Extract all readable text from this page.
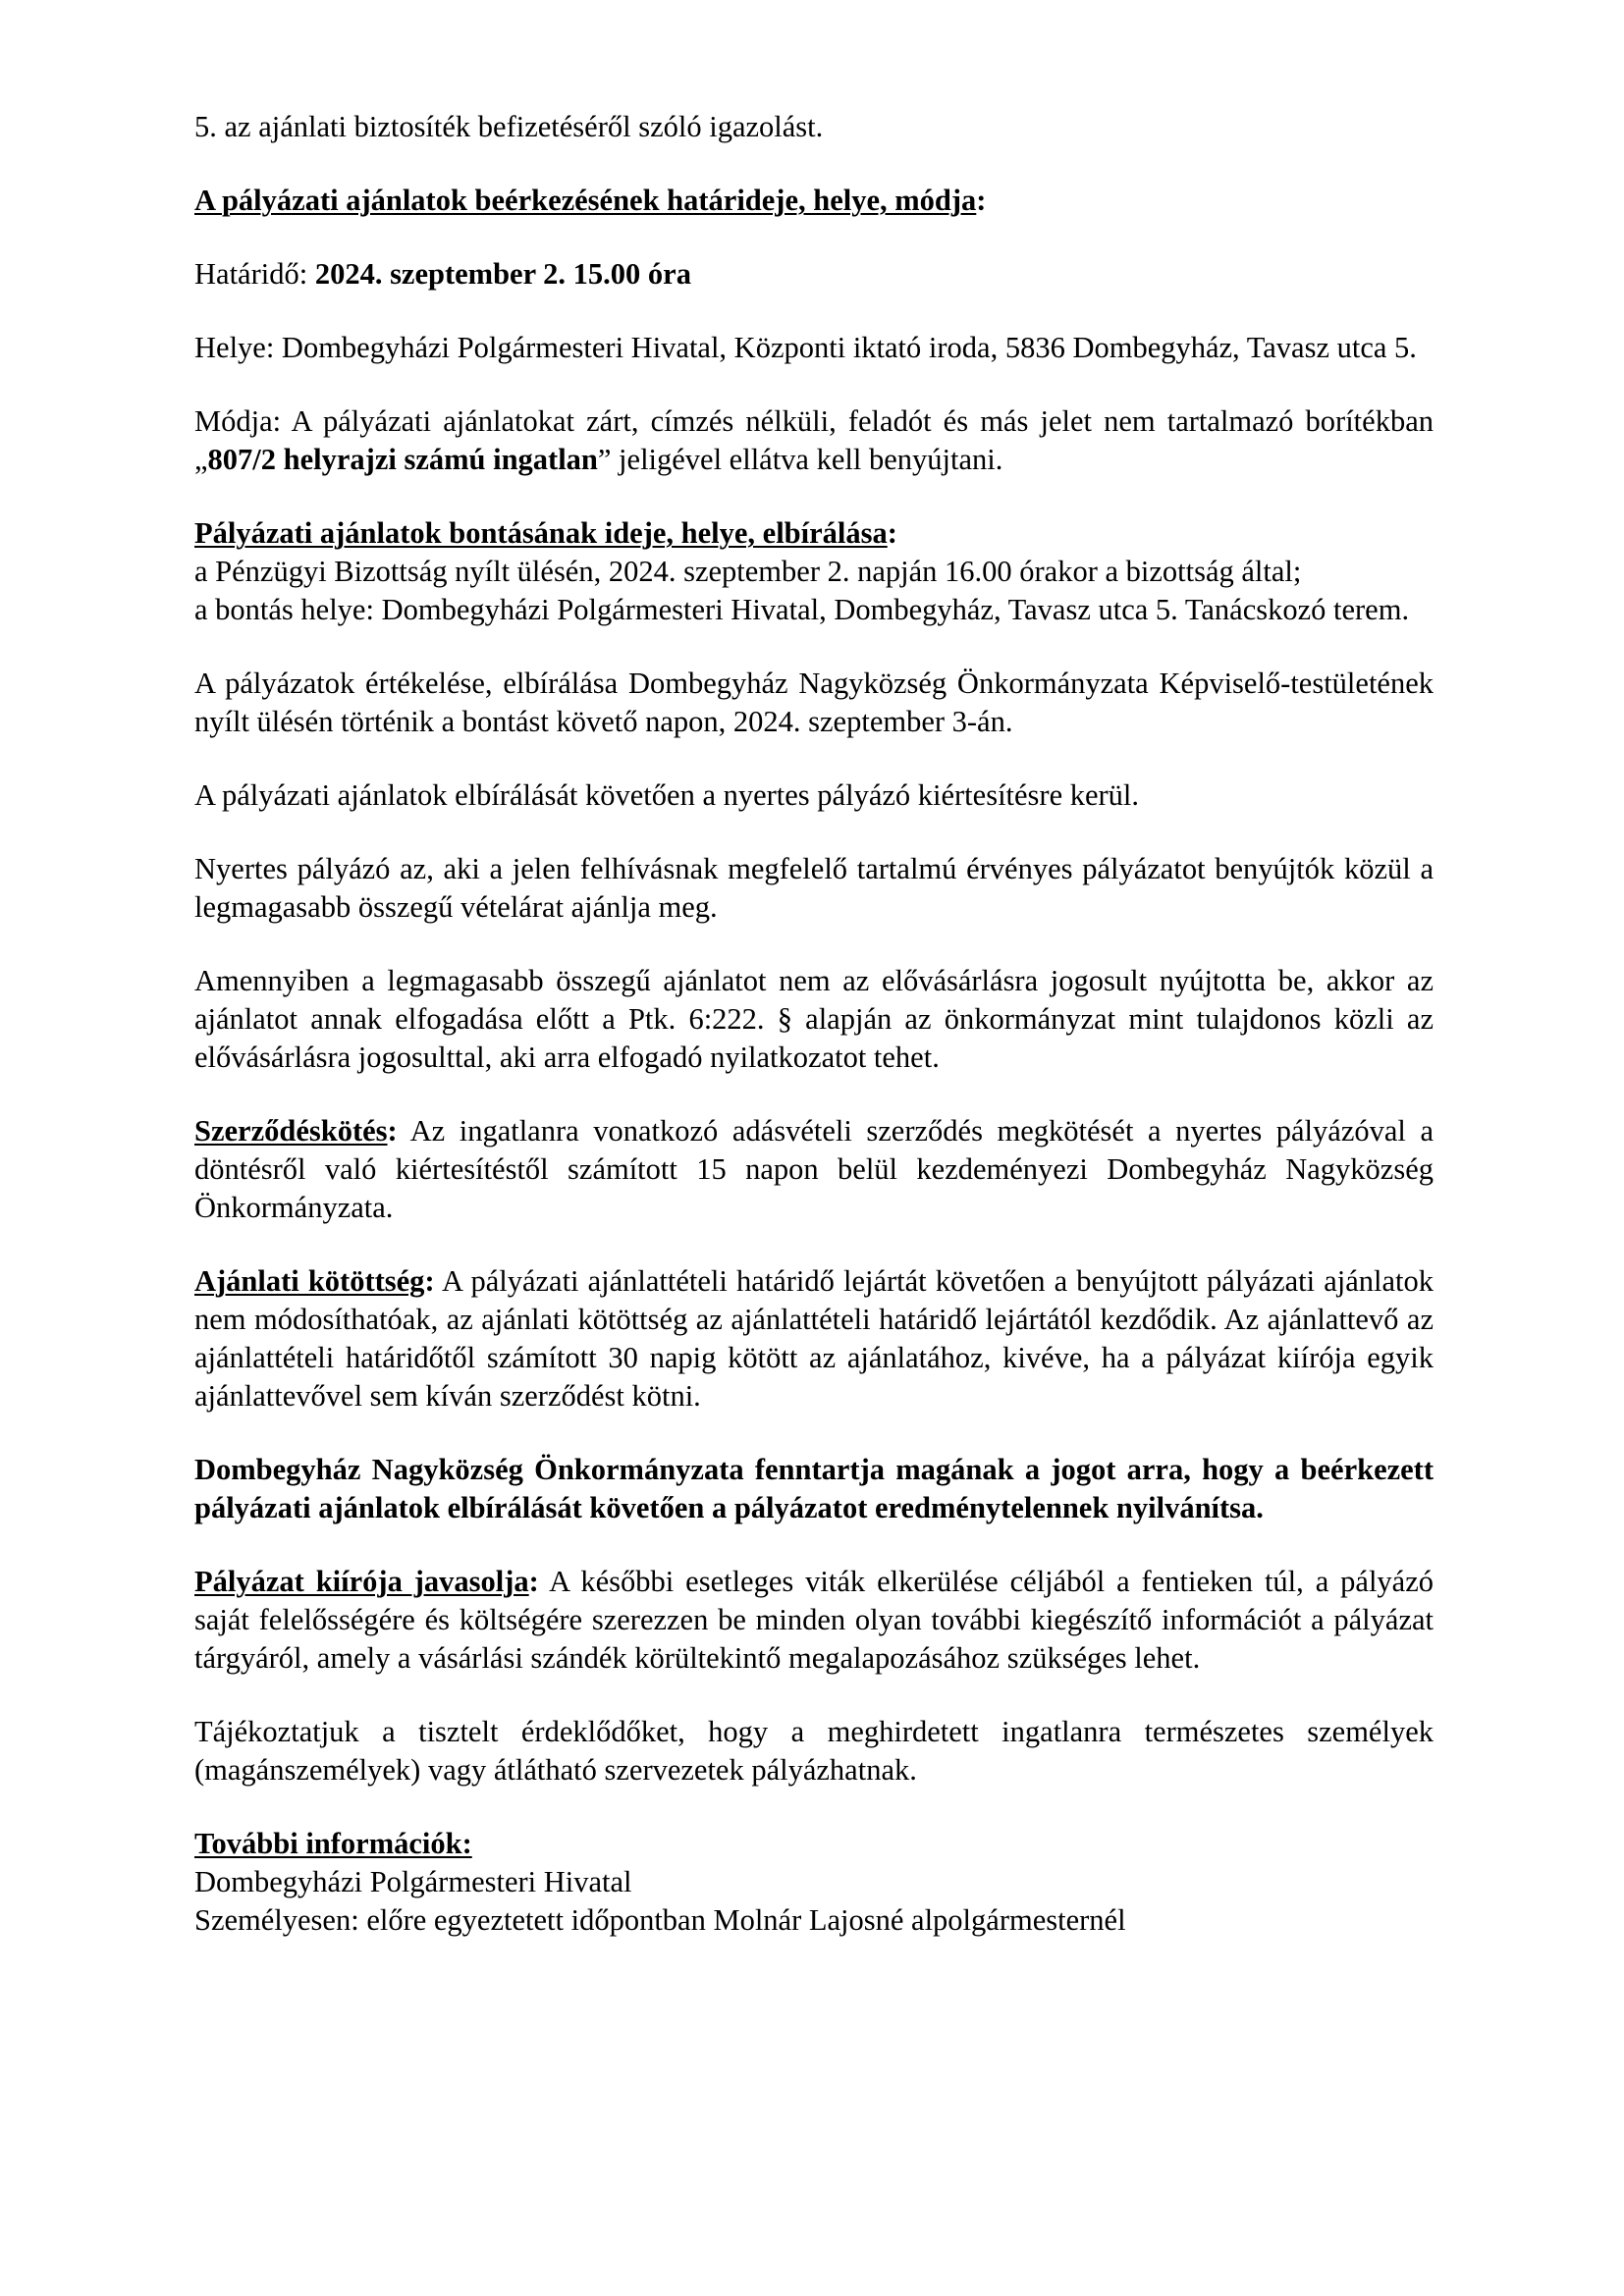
5. az ajánlati biztosíték befizetéséről szóló igazolást.

A pályázati ajánlatok beérkezésének határideje, helye, módja:

Határidő: 2024. szeptember 2. 15.00 óra

Helye: Dombegyházi Polgármesteri Hivatal, Központi iktató iroda, 5836 Dombegyház, Tavasz utca 5.

Módja: A pályázati ajánlatokat zárt, címzés nélküli, feladót és más jelet nem tartalmazó borítékban „807/2 helyrajzi számú ingatlan” jeligével ellátva kell benyújtani.

Pályázati ajánlatok bontásának ideje, helye, elbírálása:

a Pénzügyi Bizottság nyílt ülésén, 2024. szeptember 2. napján 16.00 órakor a bizottság által;

a bontás helye: Dombegyházi Polgármesteri Hivatal, Dombegyház, Tavasz utca 5. Tanácskozó terem.

A pályázatok értékelése, elbírálása Dombegyház Nagyközség Önkormányzata Képviselő-testületének nyílt ülésén történik a bontást követő napon, 2024. szeptember 3-án.

A pályázati ajánlatok elbírálását követően a nyertes pályázó kiértesítésre kerül.

Nyertes pályázó az, aki a jelen felhívásnak megfelelő tartalmú érvényes pályázatot benyújtók közül a legmagasabb összegű vételárat ajánlja meg.

Amennyiben a legmagasabb összegű ajánlatot nem az elővásárlásra jogosult nyújtotta be, akkor az ajánlatot annak elfogadása előtt a Ptk. 6:222. § alapján az önkormányzat mint tulajdonos közli az elővásárlásra jogosulttal, aki arra elfogadó nyilatkozatot tehet.

Szerződéskötés: Az ingatlanra vonatkozó adásvételi szerződés megkötését a nyertes pályázóval a döntésről való kiértesítéstől számított 15 napon belül kezdeményezi Dombegyház Nagyközség Önkormányzata.

Ajánlati kötöttség: A pályázati ajánlattételi határidő lejártát követően a benyújtott pályázati ajánlatok nem módosíthatóak, az ajánlati kötöttség az ajánlattételi határidő lejártától kezdődik. Az ajánlattevő az ajánlattételi határidőtől számított 30 napig kötött az ajánlatához, kivéve, ha a pályázat kiírója egyik ajánlattevővel sem kíván szerződést kötni.

Dombegyház Nagyközség Önkormányzata fenntartja magának a jogot arra, hogy a beérkezett pályázati ajánlatok elbírálását követően a pályázatot eredménytelennek nyilvánítsa.

Pályázat kiírója javasolja: A későbbi esetleges viták elkerülése céljából a fentieken túl, a pályázó saját felelősségére és költségére szerezzen be minden olyan további kiegészítő információt a pályázat tárgyáról, amely a vásárlási szándék körültekintő megalapozásához szükséges lehet.

Tájékoztatjuk a tisztelt érdeklődőket, hogy a meghirdetett ingatlanra természetes személyek (magánszemélyek) vagy átlátható szervezetek pályázhatnak.

További információk:

Dombegyházi Polgármesteri Hivatal

Személyesen: előre egyeztetett időpontban Molnár Lajosné alpolgármesternél
